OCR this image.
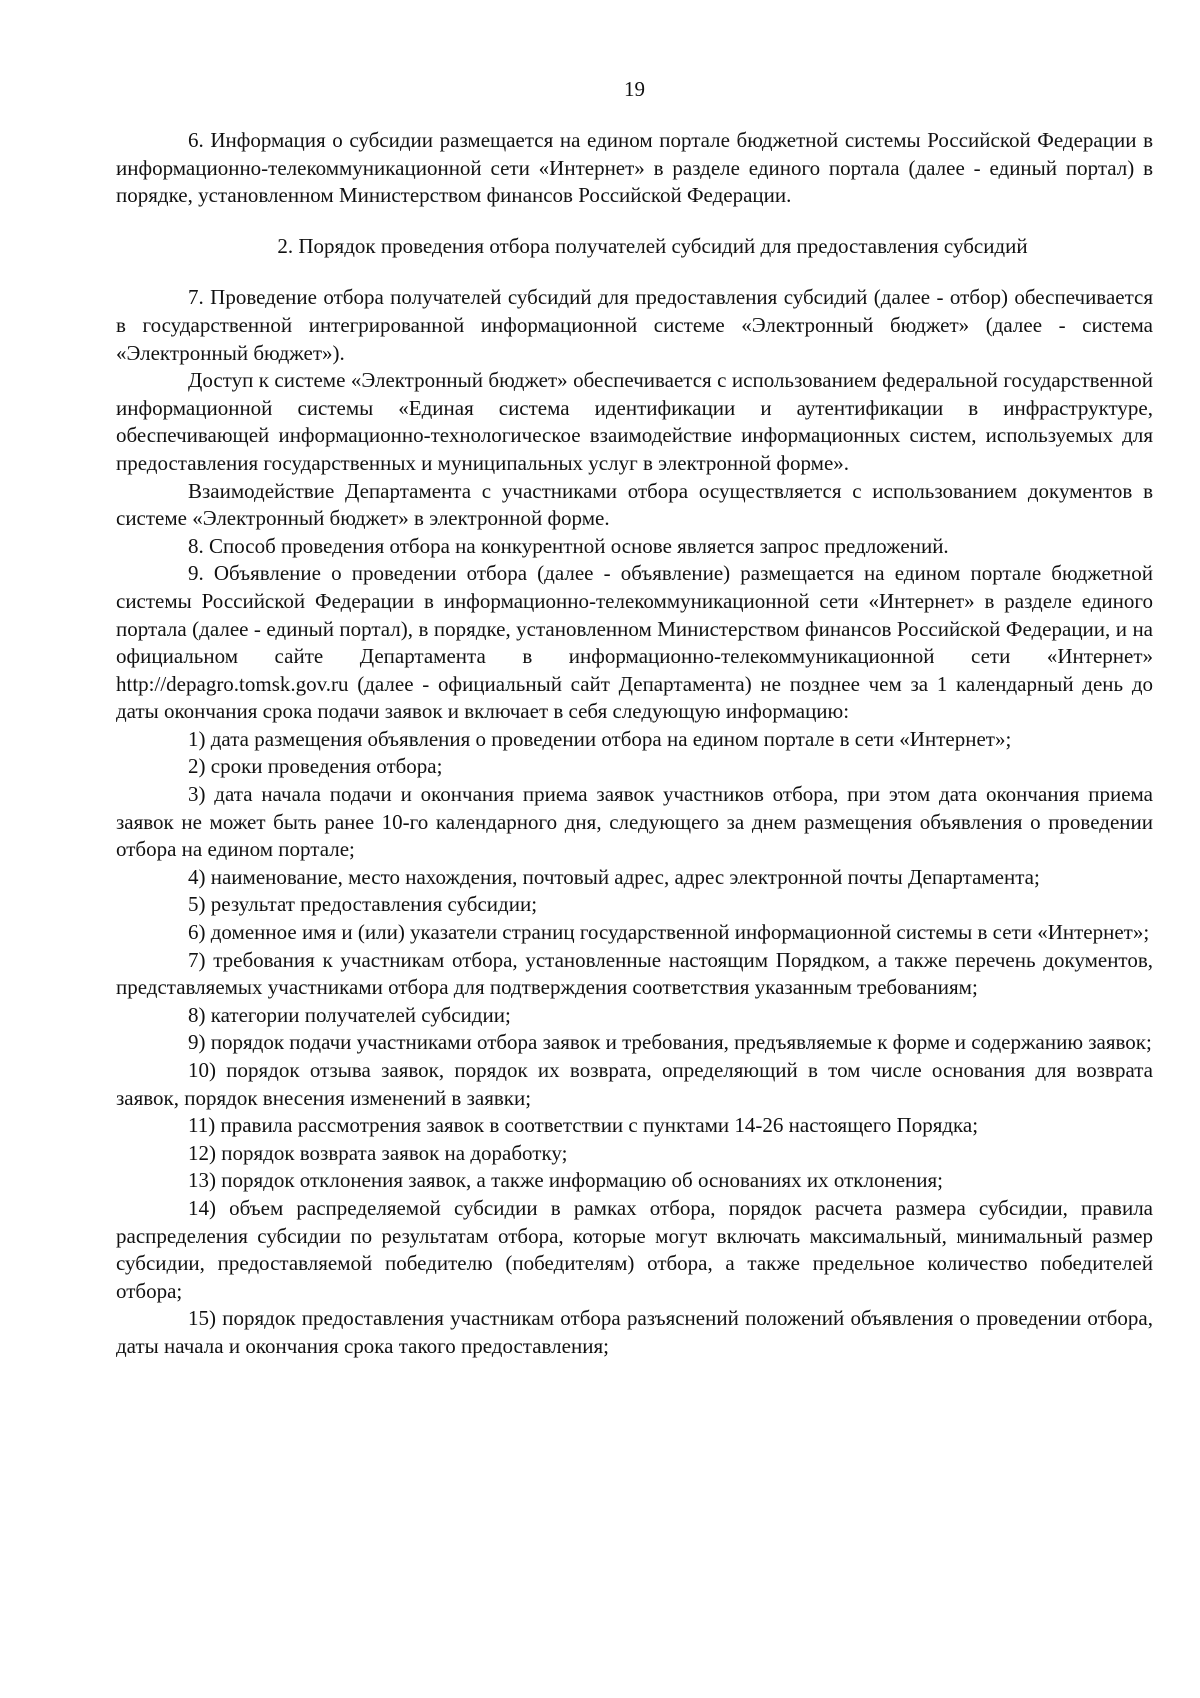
19

6. Информация о субсидии размещается на едином портале бюджетной системы Российской Федерации в информационно-телекоммуникационной сети «Интернет» в разделе единого портала (далее - единый портал) в порядке, установленном Министерством финансов Российской Федерации.

2. Порядок проведения отбора получателей субсидий для предоставления субсидий

7. Проведение отбора получателей субсидий для предоставления субсидий (далее - отбор) обеспечивается в государственной интегрированной информационной системе «Электронный бюджет» (далее - система «Электронный бюджет»).

Доступ к системе «Электронный бюджет» обеспечивается с использованием федеральной государственной информационной системы «Единая система идентификации и аутентификации в инфраструктуре, обеспечивающей информационно-технологическое взаимодействие информационных систем, используемых для предоставления государственных и муниципальных услуг в электронной форме».

Взаимодействие Департамента с участниками отбора осуществляется с использованием документов в системе «Электронный бюджет» в электронной форме.

8. Способ проведения отбора на конкурентной основе является запрос предложений.

9. Объявление о проведении отбора (далее - объявление) размещается на едином портале бюджетной системы Российской Федерации в информационно-телекоммуникационной сети «Интернет» в разделе единого портала (далее - единый портал), в порядке, установленном Министерством финансов Российской Федерации, и на официальном сайте Департамента в информационно-телекоммуникационной сети «Интернет» http://depagro.tomsk.gov.ru (далее - официальный сайт Департамента) не позднее чем за 1 календарный день до даты окончания срока подачи заявок и включает в себя следующую информацию:

1) дата размещения объявления о проведении отбора на едином портале в сети «Интернет»;

2) сроки проведения отбора;

3) дата начала подачи и окончания приема заявок участников отбора, при этом дата окончания приема заявок не может быть ранее 10-го календарного дня, следующего за днем размещения объявления о проведении отбора на едином портале;

4) наименование, место нахождения, почтовый адрес, адрес электронной почты Департамента;

5) результат предоставления субсидии;

6) доменное имя и (или) указатели страниц государственной информационной системы в сети «Интернет»;

7) требования к участникам отбора, установленные настоящим Порядком, а также перечень документов, представляемых участниками отбора для подтверждения соответствия указанным требованиям;

8) категории получателей субсидии;

9) порядок подачи участниками отбора заявок и требования, предъявляемые к форме и содержанию заявок;

10) порядок отзыва заявок, порядок их возврата, определяющий в том числе основания для возврата заявок, порядок внесения изменений в заявки;

11) правила рассмотрения заявок в соответствии с пунктами 14-26 настоящего Порядка;

12) порядок возврата заявок на доработку;

13) порядок отклонения заявок, а также информацию об основаниях их отклонения;

14) объем распределяемой субсидии в рамках отбора, порядок расчета размера субсидии, правила распределения субсидии по результатам отбора, которые могут включать максимальный, минимальный размер субсидии, предоставляемой победителю (победителям) отбора, а также предельное количество победителей отбора;

15) порядок предоставления участникам отбора разъяснений положений объявления о проведении отбора, даты начала и окончания срока такого предоставления;
